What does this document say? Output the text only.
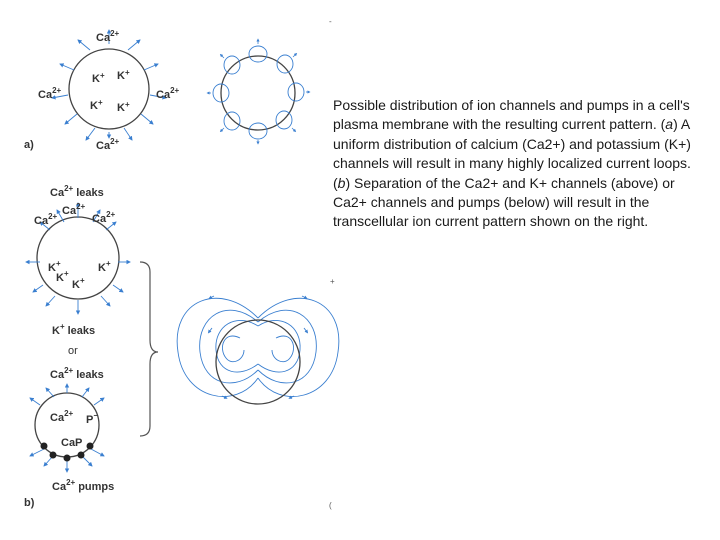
$Ca^{2+}$
$Ca^{2+}$	$Ca^{2+}$
$Ca^{2+}$
K+ K+
K+ K+
a)
$Ca^{2+}$ leaks
$Ca^{2+}$ $Ca^{2+}$
$Ca^{2+}$
K+
K+
K+
K+
K+ leaks
or
$Ca^{2+}$ leaks
$Ca^{2+}$
P−
CaP
$Ca^{2+}$ pumps
b)
-
+
(
Possible distribution of ion channels and pumps in a cell's plasma membrane with the resulting current pattern. (a) A uniform distribution of calcium (Ca2+) and potassium (K+) channels will result in many highly localized current loops. (b) Separation of the Ca2+ and K+ channels (above) or Ca2+ channels and pumps (below) will result in the transcellular ion current pattern shown on the right.
